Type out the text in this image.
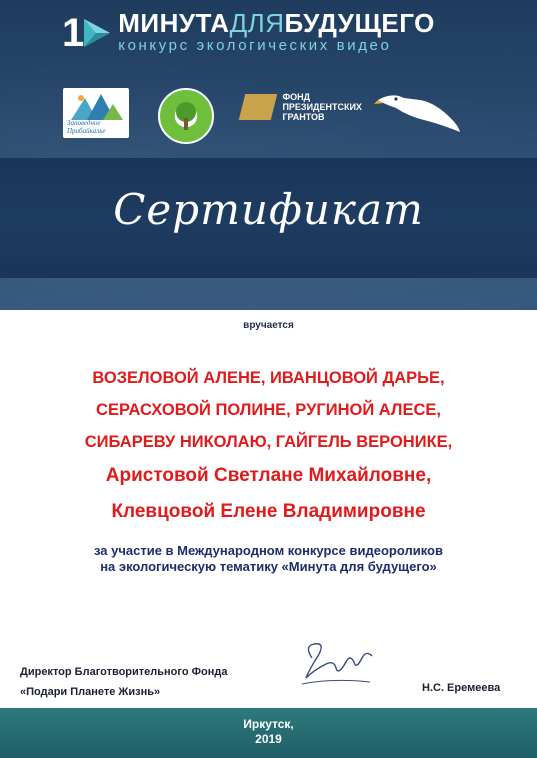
1 МИНУТАДЛЯБУДУЩЕГО
конкурс экологических видео
Заповедное Прибайкалье
ФОНД
ПРЕЗИДЕНТСКИХ
ГРАНТОВ
Сертификат
вручается
ВОЗЕЛОВОЙ АЛЕНЕ, ИВАНЦОВОЙ ДАРЬЕ,
СЕРАСХОВОЙ ПОЛИНЕ, РУГИНОЙ АЛЕСЕ,
СИБАРЕВУ НИКОЛАЮ, ГАЙГЕЛЬ ВЕРОНИКЕ,
Аристовой Светлане Михайловне,
Клевцовой Елене Владимировне
за участие в Международном конкурсе видеороликов
на экологическую тематику «Минута для будущего»
Директор Благотворительного Фонда
«Подари Планете Жизнь»	Н.С. Еремеева
Иркутск,
2019
